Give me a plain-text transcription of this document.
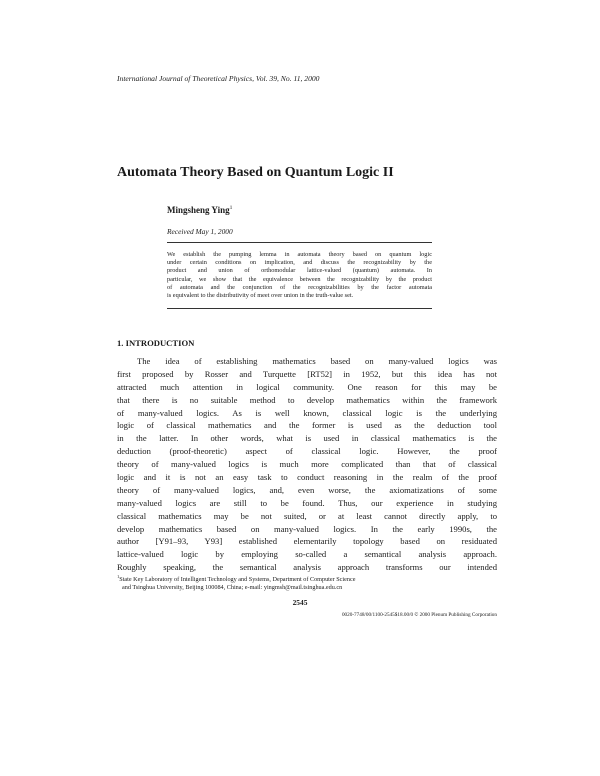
International Journal of Theoretical Physics, Vol. 39, No. 11, 2000
Automata Theory Based on Quantum Logic II
Mingsheng Ying$^1$
Received May 1, 2000
We establish the pumping lemma in automata theory based on quantum logic
under certain conditions on implication, and discuss the recognizability by the
product and union of orthomodular lattice-valued (quantum) automata. In
particular, we show that the equivalence between the recognizability by the product
of automata and the conjunction of the recognizabilities by the factor automata
is equivalent to the distributivity of meet over union in the truth-value set.
1. INTRODUCTION
The idea of establishing mathematics based on many-valued logics was
first proposed by Rosser and Turquette [RT52] in 1952, but this idea has not
attracted much attention in logical community. One reason for this may be
that there is no suitable method to develop mathematics within the framework
of many-valued logics. As is well known, classical logic is the underlying
logic of classical mathematics and the former is used as the deduction tool
in the latter. In other words, what is used in classical mathematics is the
deduction (proof-theoretic) aspect of classical logic. However, the proof
theory of many-valued logics is much more complicated than that of classical
logic and it is not an easy task to conduct reasoning in the realm of the proof
theory of many-valued logics, and, even worse, the axiomatizations of some
many-valued logics are still to be found. Thus, our experience in studying
classical mathematics may be not suited, or at least cannot directly apply, to
develop mathematics based on many-valued logics. In the early 1990s, the
author [Y91–93, Y93] established elementarily topology based on residuated
lattice-valued logic by employing so-called a semantical analysis approach.
Roughly speaking, the semantical analysis approach transforms our intended
$^1$State Key Laboratory of Intelligent Technology and Systems, Department of Computer Science
and Tsinghua University, Beijing 100084, China; e-mail: yingmsh@mail.tsinghua.edu.cn
2545
0020-7748/00/1100-2545$18.00/0 © 2000 Plenum Publishing Corporation
